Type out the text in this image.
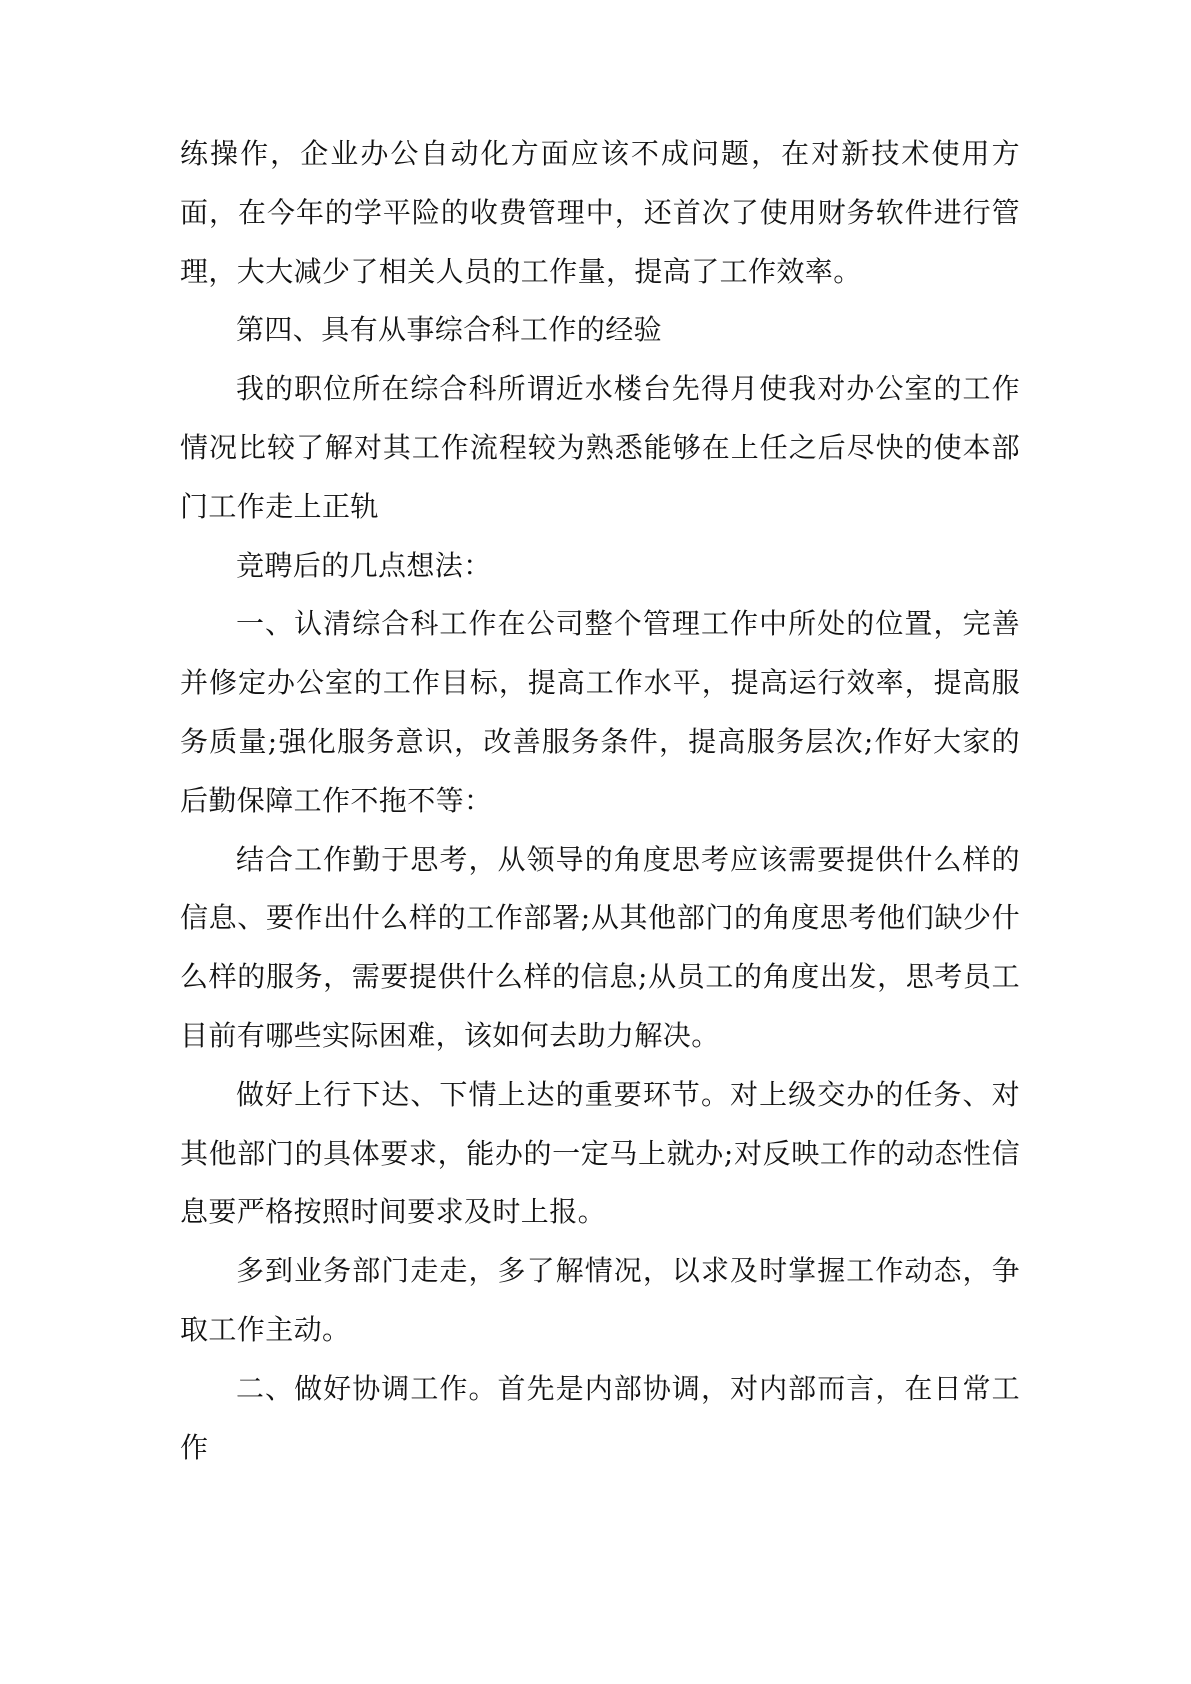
练操作，企业办公自动化方面应该不成问题，在对新技术使用方面，在今年的学平险的收费管理中，还首次了使用财务软件进行管理，大大减少了相关人员的工作量，提高了工作效率。

第四、具有从事综合科工作的经验

我的职位所在综合科所谓近水楼台先得月使我对办公室的工作情况比较了解对其工作流程较为熟悉能够在上任之后尽快的使本部门工作走上正轨

竞聘后的几点想法：

一、认清综合科工作在公司整个管理工作中所处的位置，完善并修定办公室的工作目标，提高工作水平，提高运行效率，提高服务质量;强化服务意识，改善服务条件，提高服务层次;作好大家的后勤保障工作不拖不等：

结合工作勤于思考，从领导的角度思考应该需要提供什么样的信息、要作出什么样的工作部署;从其他部门的角度思考他们缺少什么样的服务，需要提供什么样的信息;从员工的角度出发，思考员工目前有哪些实际困难，该如何去助力解决。

做好上行下达、下情上达的重要环节。对上级交办的任务、对其他部门的具体要求，能办的一定马上就办;对反映工作的动态性信息要严格按照时间要求及时上报。

多到业务部门走走，多了解情况，以求及时掌握工作动态，争取工作主动。

二、做好协调工作。首先是内部协调，对内部而言，在日常工作
